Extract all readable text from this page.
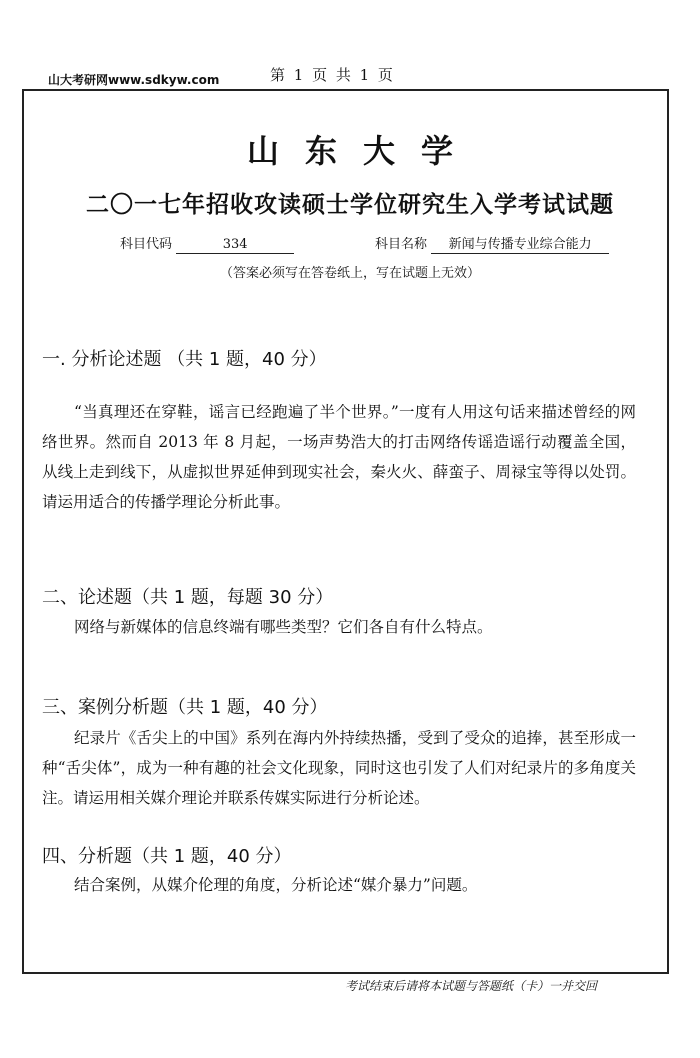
山大考研网www.sdkyw.com	第 1 页 共 1 页
山东大学
二〇一七年招收攻读硕士学位研究生入学考试试题
科目代码	334	科目名称 新闻与传播专业综合能力
（答案必须写在答卷纸上，写在试题上无效）
一. 分析论述题 （共 1 题，40 分）
“当真理还在穿鞋，谣言已经跑遍了半个世界。”一度有人用这句话来描述曾经的网络世界。然而自 2013 年 8 月起，一场声势浩大的打击网络传谣造谣行动覆盖全国，从线上走到线下，从虚拟世界延伸到现实社会，秦火火、薛蛮子、周禄宝等得以处罚。请运用适合的传播学理论分析此事。
二、论述题（共 1 题，每题 30 分）
网络与新媒体的信息终端有哪些类型？它们各自有什么特点。
三、案例分析题（共 1 题，40 分）
纪录片《舌尖上的中国》系列在海内外持续热播，受到了受众的追捧，甚至形成一种“舌尖体”，成为一种有趣的社会文化现象，同时这也引发了人们对纪录片的多角度关注。请运用相关媒介理论并联系传媒实际进行分析论述。
四、分析题（共 1 题，40 分）
结合案例，从媒介伦理的角度，分析论述“媒介暴力”问题。
考试结束后请将本试题与答题纸（卡）一并交回
